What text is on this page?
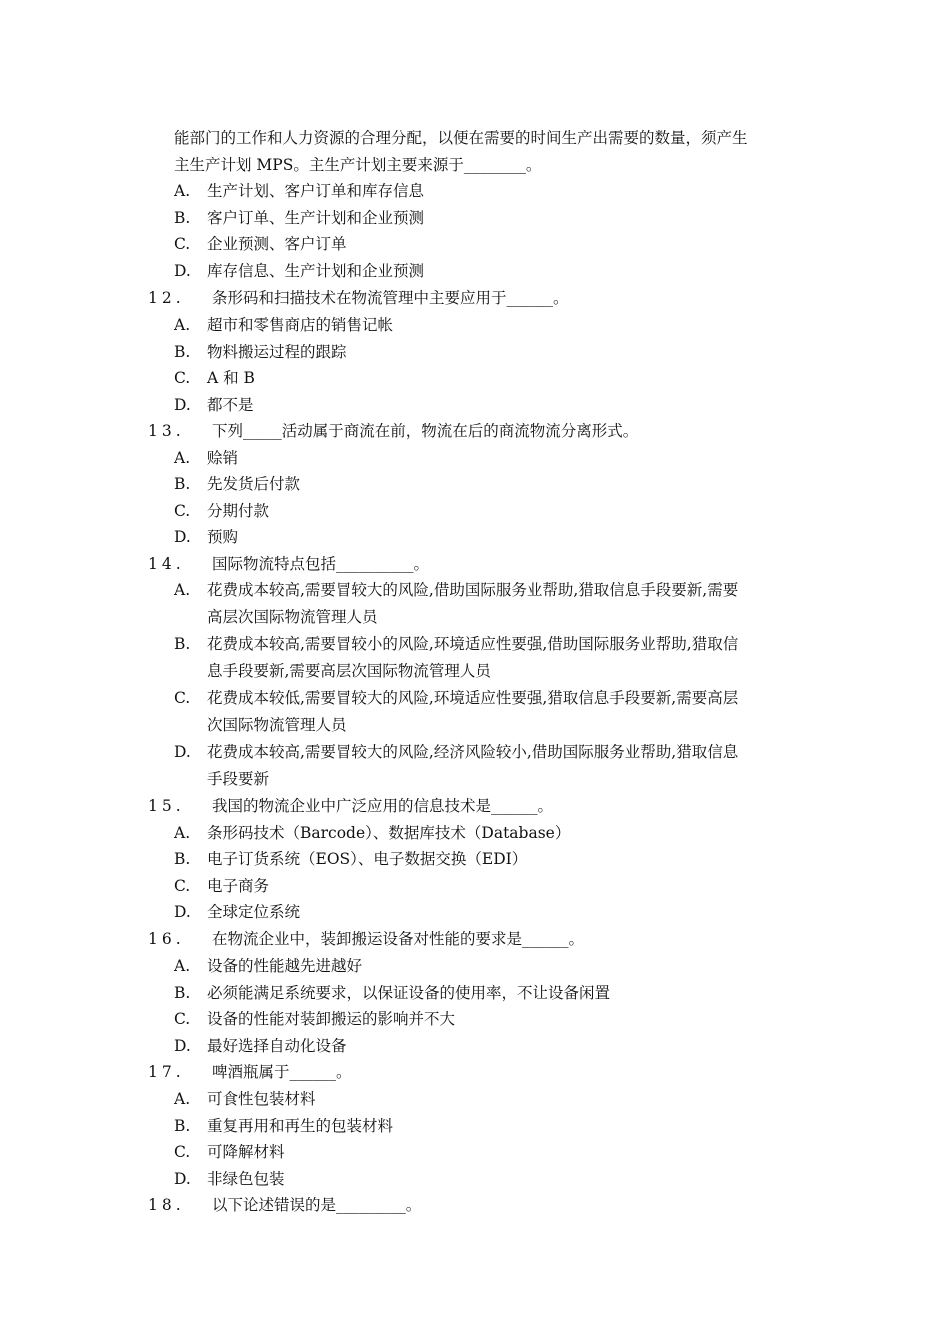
能部门的工作和人力资源的合理分配，以便在需要的时间生产出需要的数量，须产生
主生产计划 MPS。主生产计划主要来源于________。
A.	生产计划、客户订单和库存信息
B.	客户订单、生产计划和企业预测
C.	企业预测、客户订单
D.	库存信息、生产计划和企业预测
12. 条形码和扫描技术在物流管理中主要应用于______。
A.	超市和零售商店的销售记帐
B.	物料搬运过程的跟踪
C.	A 和 B
D.	都不是
13. 下列_____活动属于商流在前，物流在后的商流物流分离形式。
A.	赊销
B.	先发货后付款
C.	分期付款
D.	预购
14. 国际物流特点包括__________。
A.	花费成本较高,需要冒较大的风险,借助国际服务业帮助,猎取信息手段要新,需要
高层次国际物流管理人员
B.	花费成本较高,需要冒较小的风险,环境适应性要强,借助国际服务业帮助,猎取信
息手段要新,需要高层次国际物流管理人员
C.	花费成本较低,需要冒较大的风险,环境适应性要强,猎取信息手段要新,需要高层
次国际物流管理人员
D.	花费成本较高,需要冒较大的风险,经济风险较小,借助国际服务业帮助,猎取信息
手段要新
15. 我国的物流企业中广泛应用的信息技术是______。
A.	条形码技术（Barcode）、数据库技术（Database）
B.	电子订货系统（EOS）、电子数据交换（EDI）
C.	电子商务
D.	全球定位系统
16. 在物流企业中，装卸搬运设备对性能的要求是______。
A.	设备的性能越先进越好
B.	必须能满足系统要求，以保证设备的使用率，不让设备闲置
C.	设备的性能对装卸搬运的影响并不大
D.	最好选择自动化设备
17. 啤酒瓶属于______。
A.	可食性包装材料
B.	重复再用和再生的包装材料
C.	可降解材料
D.	非绿色包装
18. 以下论述错误的是_________。
